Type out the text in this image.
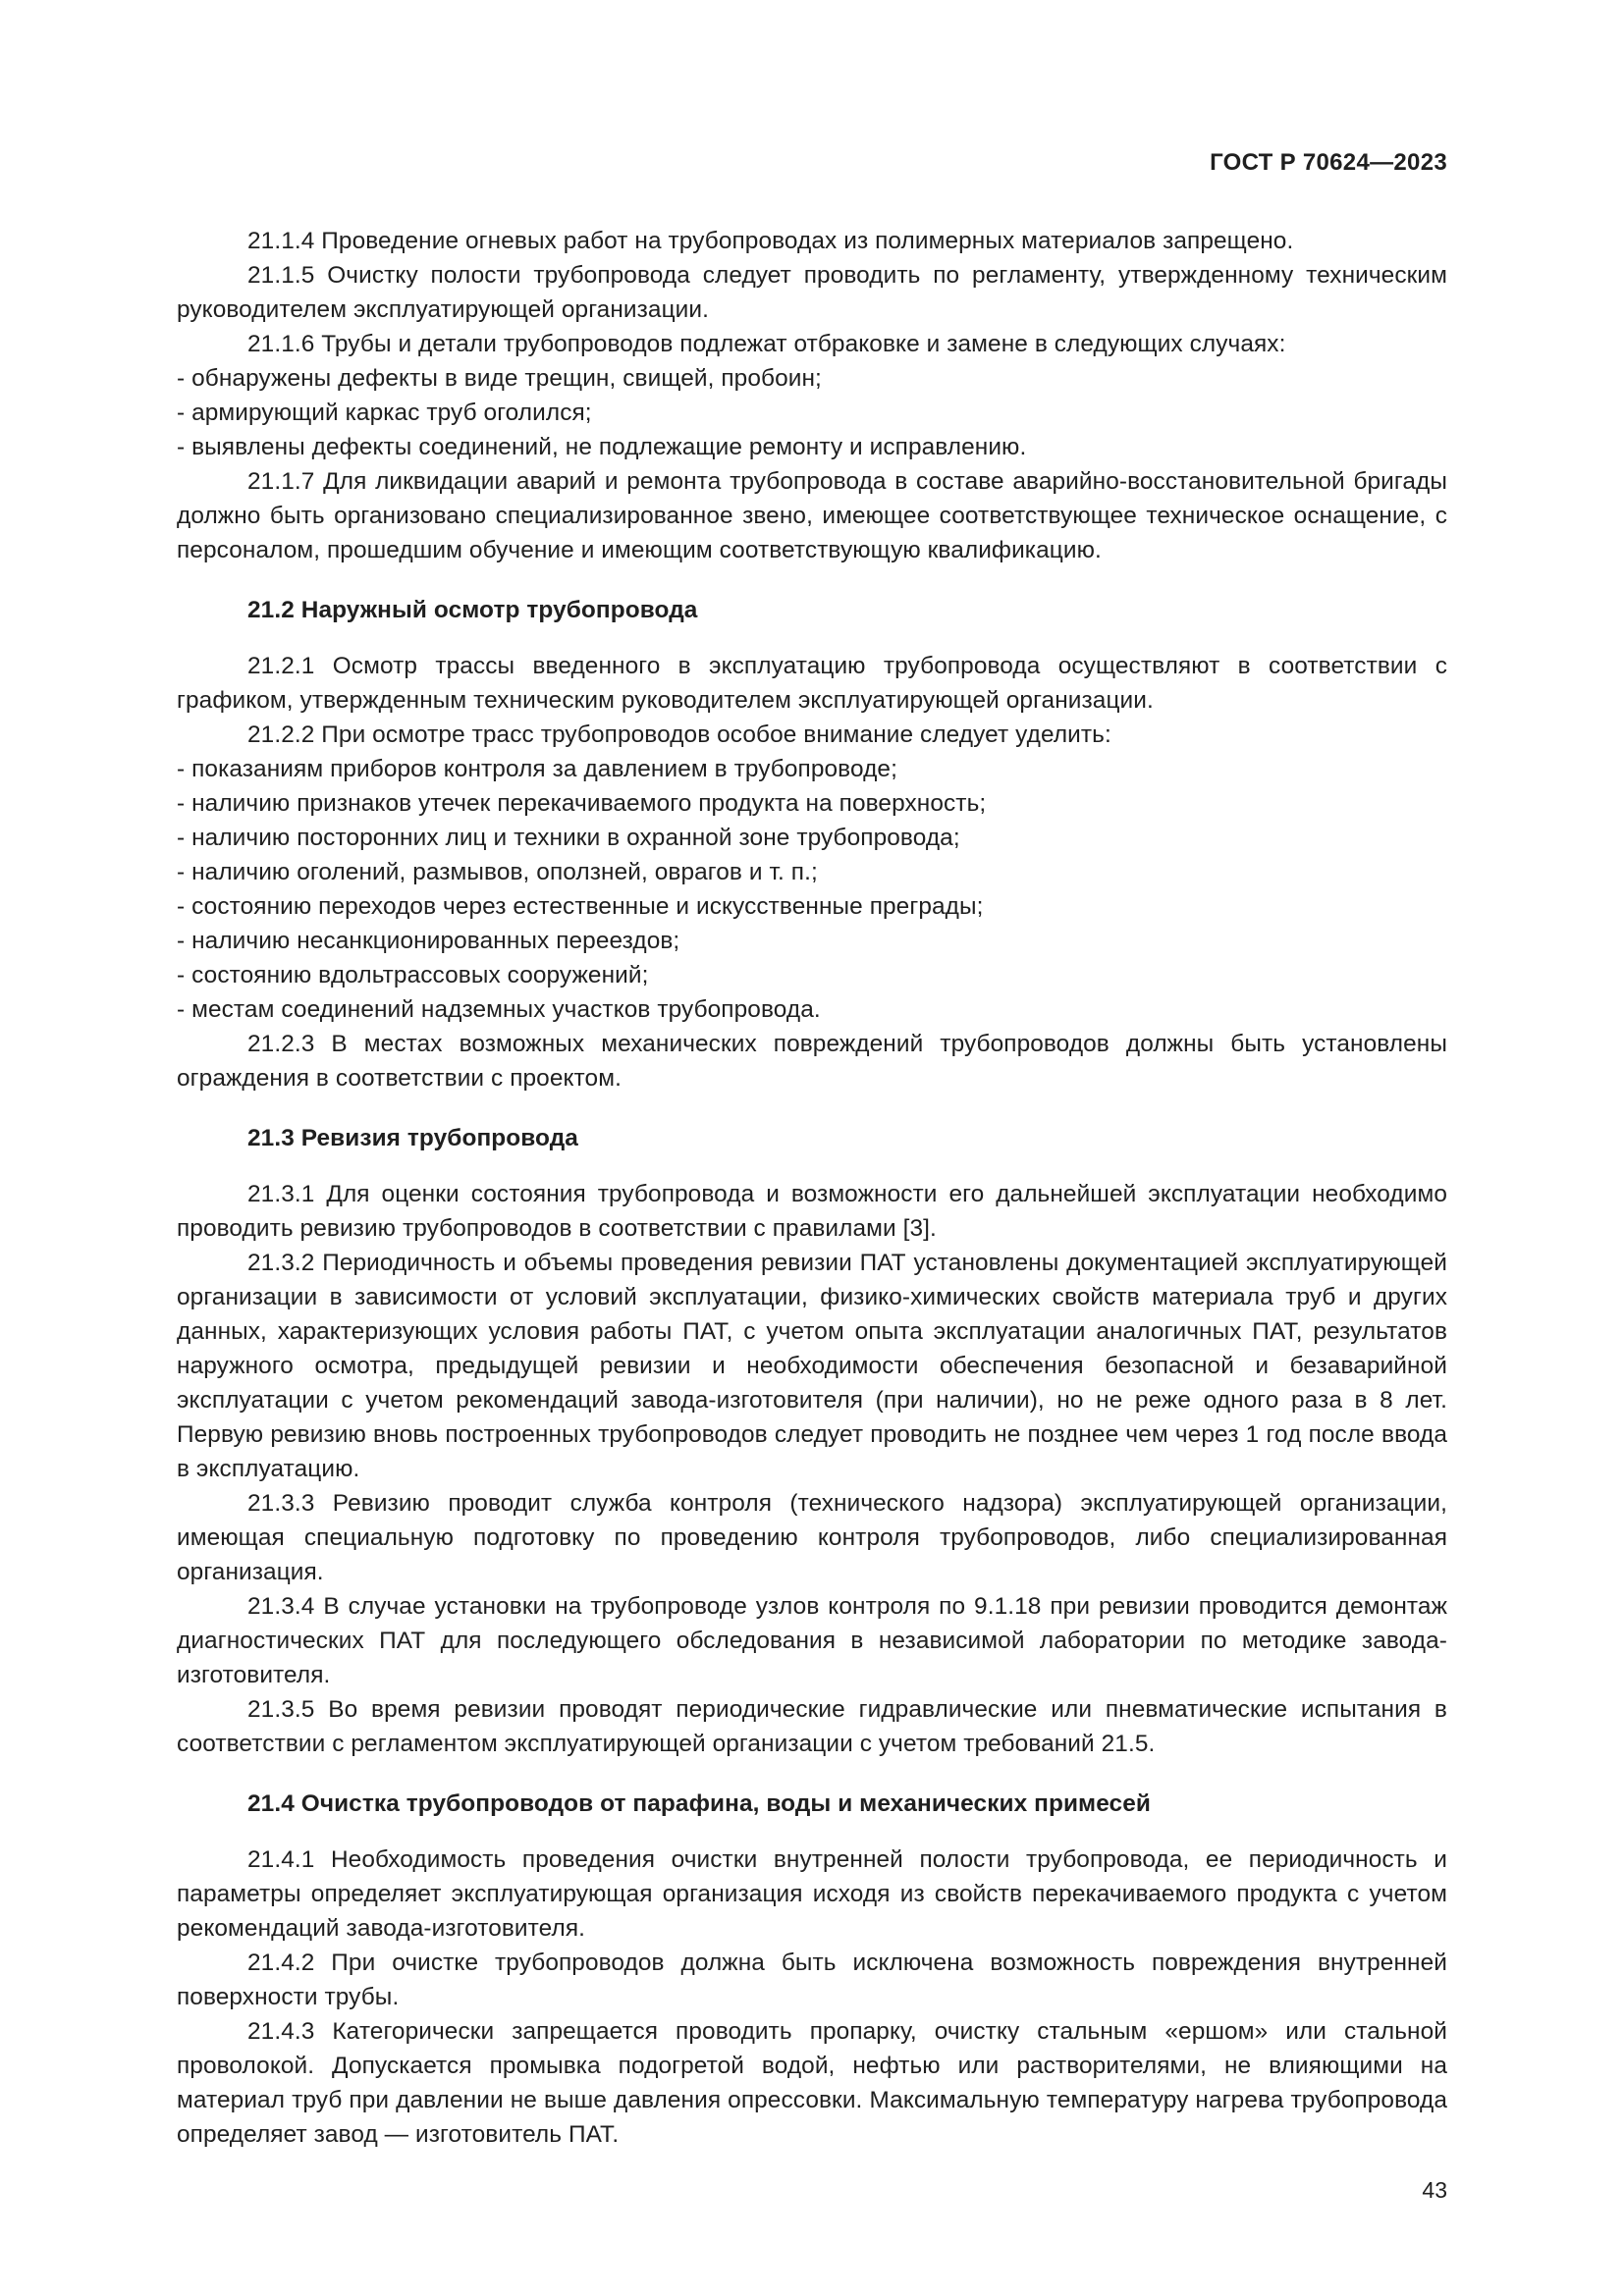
ГОСТ Р 70624—2023

21.1.4 Проведение огневых работ на трубопроводах из полимерных материалов запрещено.

21.1.5 Очистку полости трубопровода следует проводить по регламенту, утвержденному техническим руководителем эксплуатирующей организации.

21.1.6 Трубы и детали трубопроводов подлежат отбраковке и замене в следующих случаях:

- обнаружены дефекты в виде трещин, свищей, пробоин;

- армирующий каркас труб оголился;

- выявлены дефекты соединений, не подлежащие ремонту и исправлению.

21.1.7 Для ликвидации аварий и ремонта трубопровода в составе аварийно-восстановительной бригады должно быть организовано специализированное звено, имеющее соответствующее техническое оснащение, с персоналом, прошедшим обучение и имеющим соответствующую квалификацию.

21.2 Наружный осмотр трубопровода

21.2.1 Осмотр трассы введенного в эксплуатацию трубопровода осуществляют в соответствии с графиком, утвержденным техническим руководителем эксплуатирующей организации.

21.2.2 При осмотре трасс трубопроводов особое внимание следует уделить:

- показаниям приборов контроля за давлением в трубопроводе;

- наличию признаков утечек перекачиваемого продукта на поверхность;

- наличию посторонних лиц и техники в охранной зоне трубопровода;

- наличию оголений, размывов, оползней, оврагов и т. п.;

- состоянию переходов через естественные и искусственные преграды;

- наличию несанкционированных переездов;

- состоянию вдольтрассовых сооружений;

- местам соединений надземных участков трубопровода.

21.2.3 В местах возможных механических повреждений трубопроводов должны быть установлены ограждения в соответствии с проектом.

21.3 Ревизия трубопровода

21.3.1 Для оценки состояния трубопровода и возможности его дальнейшей эксплуатации необходимо проводить ревизию трубопроводов в соответствии с правилами [3].

21.3.2 Периодичность и объемы проведения ревизии ПАТ установлены документацией эксплуатирующей организации в зависимости от условий эксплуатации, физико-химических свойств материала труб и других данных, характеризующих условия работы ПАТ, с учетом опыта эксплуатации аналогичных ПАТ, результатов наружного осмотра, предыдущей ревизии и необходимости обеспечения безопасной и безаварийной эксплуатации с учетом рекомендаций завода-изготовителя (при наличии), но не реже одного раза в 8 лет. Первую ревизию вновь построенных трубопроводов следует проводить не позднее чем через 1 год после ввода в эксплуатацию.

21.3.3 Ревизию проводит служба контроля (технического надзора) эксплуатирующей организации, имеющая специальную подготовку по проведению контроля трубопроводов, либо специализированная организация.

21.3.4 В случае установки на трубопроводе узлов контроля по 9.1.18 при ревизии проводится демонтаж диагностических ПАТ для последующего обследования в независимой лаборатории по методике завода-изготовителя.

21.3.5 Во время ревизии проводят периодические гидравлические или пневматические испытания в соответствии с регламентом эксплуатирующей организации с учетом требований 21.5.

21.4 Очистка трубопроводов от парафина, воды и механических примесей

21.4.1 Необходимость проведения очистки внутренней полости трубопровода, ее периодичность и параметры определяет эксплуатирующая организация исходя из свойств перекачиваемого продукта с учетом рекомендаций завода-изготовителя.

21.4.2 При очистке трубопроводов должна быть исключена возможность повреждения внутренней поверхности трубы.

21.4.3 Категорически запрещается проводить пропарку, очистку стальным «ершом» или стальной проволокой. Допускается промывка подогретой водой, нефтью или растворителями, не влияющими на материал труб при давлении не выше давления опрессовки. Максимальную температуру нагрева трубопровода определяет завод — изготовитель ПАТ.

43
